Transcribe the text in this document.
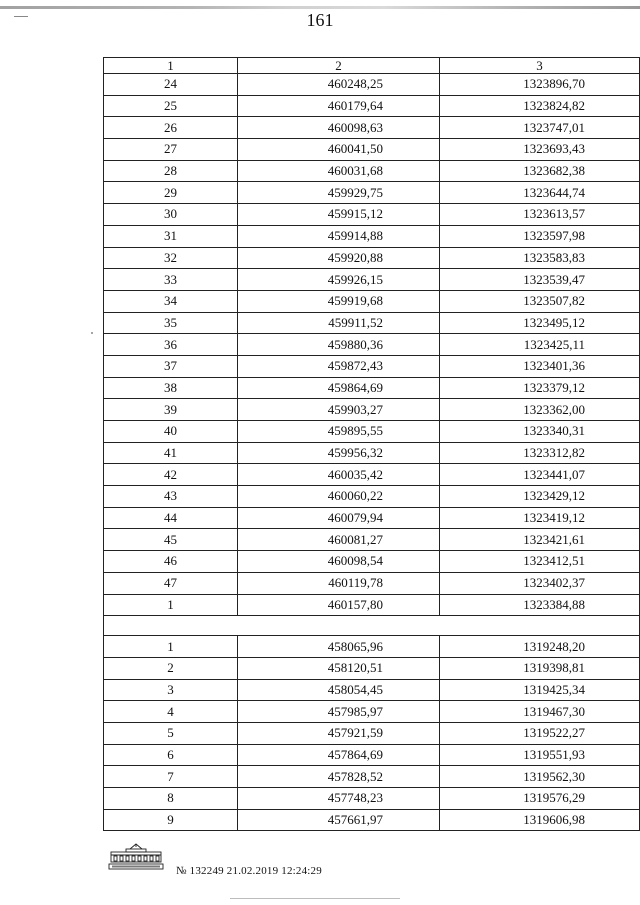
161
1	2	3
24	460248,25	1323896,70
25	460179,64	1323824,82
26	460098,63	1323747,01
27	460041,50	1323693,43
28	460031,68	1323682,38
29	459929,75	1323644,74
30	459915,12	1323613,57
31	459914,88	1323597,98
32	459920,88	1323583,83
33	459926,15	1323539,47
34	459919,68	1323507,82
35	459911,52	1323495,12
36	459880,36	1323425,11
37	459872,43	1323401,36
38	459864,69	1323379,12
39	459903,27	1323362,00
40	459895,55	1323340,31
41	459956,32	1323312,82
42	460035,42	1323441,07
43	460060,22	1323429,12
44	460079,94	1323419,12
45	460081,27	1323421,61
46	460098,54	1323412,51
47	460119,78	1323402,37
1	460157,80	1323384,88

1	458065,96	1319248,20
2	458120,51	1319398,81
3	458054,45	1319425,34
4	457985,97	1319467,30
5	457921,59	1319522,27
6	457864,69	1319551,93
7	457828,52	1319562,30
8	457748,23	1319576,29
9	457661,97	1319606,98
№ 132249 21.02.2019 12:24:29
